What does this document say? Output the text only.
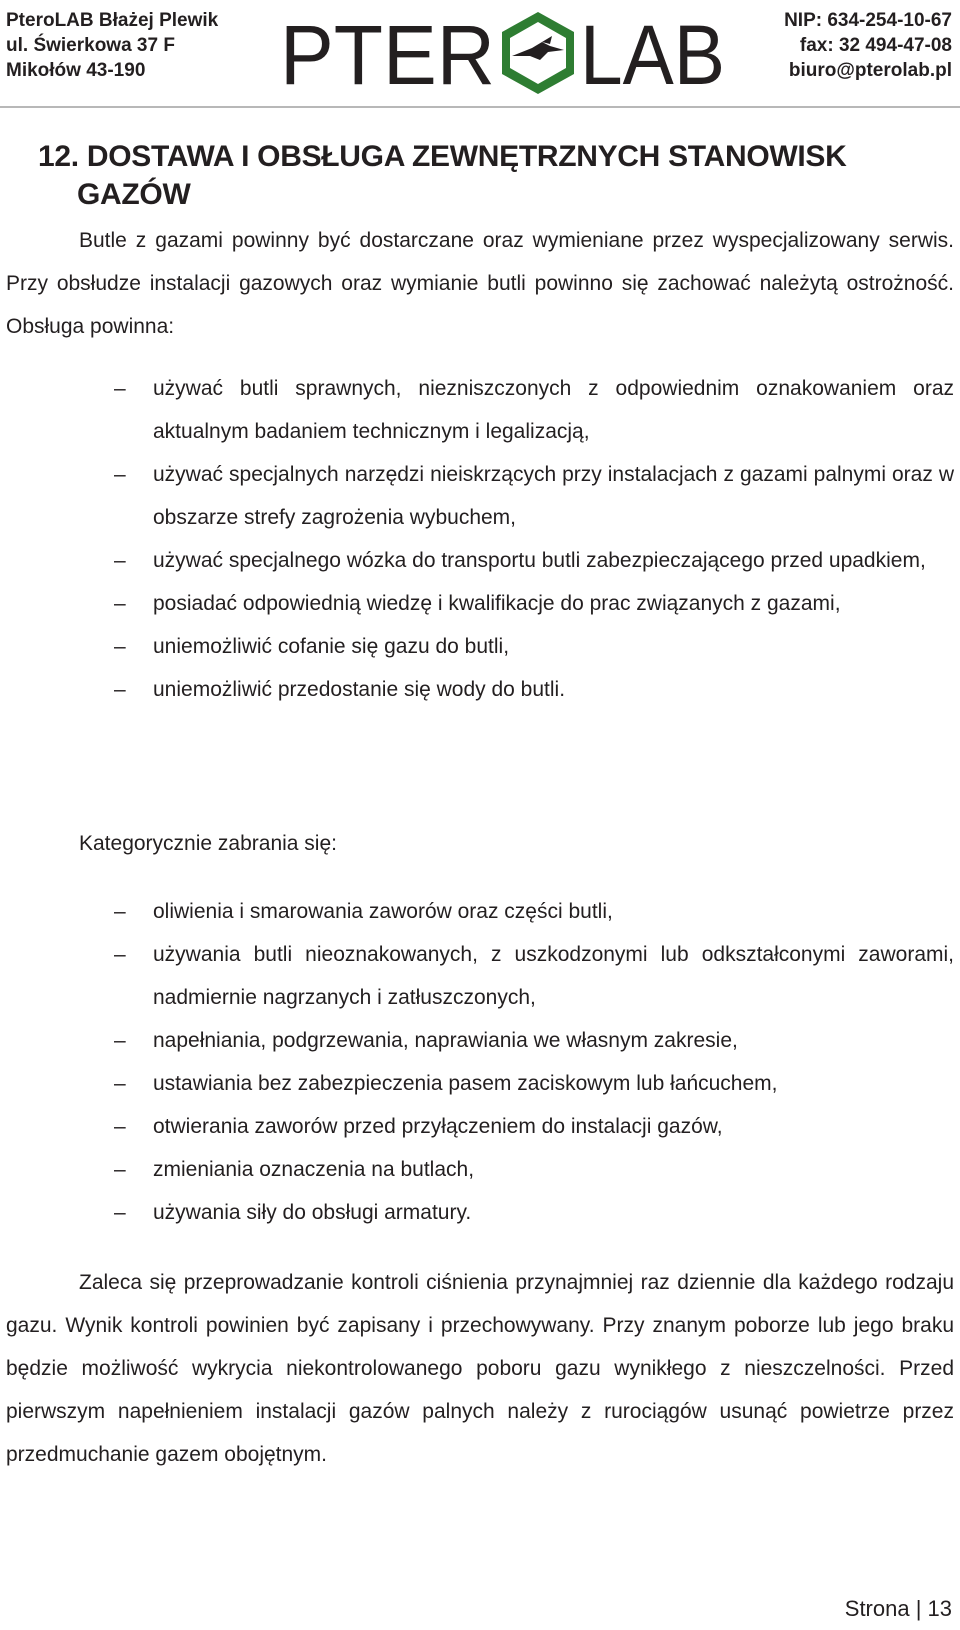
PteroLAB Błażej Plewik
ul. Świerkowa 37 F
Mikołów 43-190	PTER LAB	NIP: 634-254-10-67
fax: 32 494-47-08
biuro@pterolab.pl
12. DOSTAWA I OBSŁUGA ZEWNĘTRZNYCH STANOWISK
GAZÓW

Butle z gazami powinny być dostarczane oraz wymieniane przez wyspecjalizowany serwis. Przy obsłudze instalacji gazowych oraz wymianie butli powinno się zachować należytą ostrożność. Obsługa powinna:

–	używać butli sprawnych, niezniszczonych z odpowiednim oznakowaniem oraz aktualnym badaniem technicznym i legalizacją,
–	używać specjalnych narzędzi nieiskrzących przy instalacjach z gazami palnymi oraz w obszarze strefy zagrożenia wybuchem,
–	używać specjalnego wózka do transportu butli zabezpieczającego przed upadkiem,
–	posiadać odpowiednią wiedzę i kwalifikacje do prac związanych z gazami,
–	uniemożliwić cofanie się gazu do butli,
–	uniemożliwić przedostanie się wody do butli.

Kategorycznie zabrania się:

–	oliwienia i smarowania zaworów oraz części butli,
–	używania butli nieoznakowanych, z uszkodzonymi lub odkształconymi zaworami, nadmiernie nagrzanych i zatłuszczonych,
–	napełniania, podgrzewania, naprawiania we własnym zakresie,
–	ustawiania bez zabezpieczenia pasem zaciskowym lub łańcuchem,
–	otwierania zaworów przed przyłączeniem do instalacji gazów,
–	zmieniania oznaczenia na butlach,
–	używania siły do obsługi armatury.

Zaleca się przeprowadzanie kontroli ciśnienia przynajmniej raz dziennie dla każdego rodzaju gazu. Wynik kontroli powinien być zapisany i przechowywany. Przy znanym poborze lub jego braku będzie możliwość wykrycia niekontrolowanego poboru gazu wynikłego z nieszczelności. Przed pierwszym napełnieniem instalacji gazów palnych należy z rurociągów usunąć powietrze przez przedmuchanie gazem obojętnym.

Strona | 13
